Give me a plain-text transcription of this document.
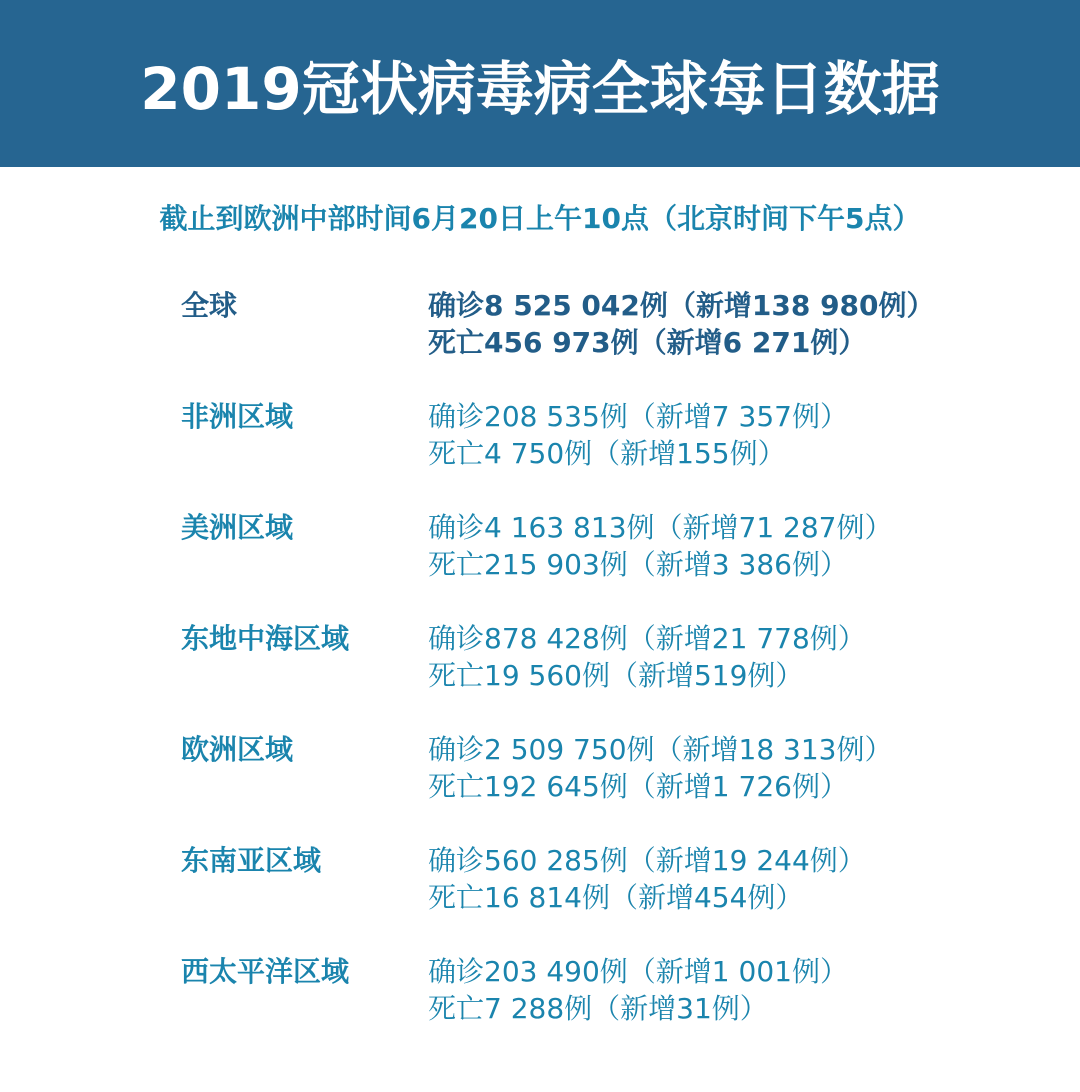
2019冠状病毒病全球每日数据
截止到欧洲中部时间6月20日上午10点（北京时间下午5点）
全球	确诊8 525 042例（新增138 980例）
死亡456 973例（新增6 271例）
非洲区域	确诊208 535例（新增7 357例）
死亡4 750例（新增155例）
美洲区域	确诊4 163 813例（新增71 287例）
死亡215 903例（新增3 386例）
东地中海区域	确诊878 428例（新增21 778例）
死亡19 560例（新增519例）
欧洲区域	确诊2 509 750例（新增18 313例）
死亡192 645例（新增1 726例）
东南亚区域	确诊560 285例（新增19 244例）
死亡16 814例（新增454例）
西太平洋区域	确诊203 490例（新增1 001例）
死亡7 288例（新增31例）
